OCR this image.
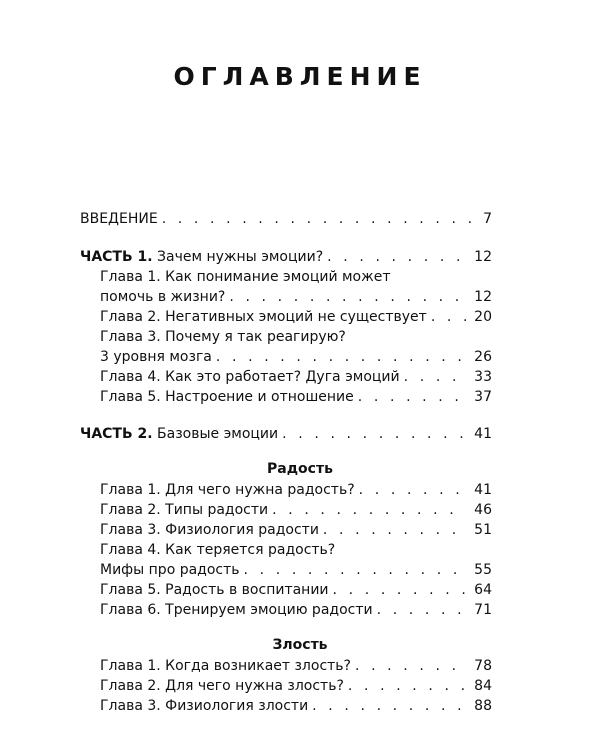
ОГЛАВЛЕНИЕ
ВВЕДЕНИЕ . . .	7
ЧАСТЬ 1. Зачем нужны эмоции? . . .	12
Глава 1. Как понимание эмоций может
помочь в жизни? . . .	12
Глава 2. Негативных эмоций не существует . . .	20
Глава 3. Почему я так реагирую?
3 уровня мозга . . .	26
Глава 4. Как это работает? Дуга эмоций . . .	33
Глава 5. Настроение и отношение . . .	37
ЧАСТЬ 2. Базовые эмоции . . .	41
Радость
Глава 1. Для чего нужна радость? . . .	41
Глава 2. Типы радости . . .	46
Глава 3. Физиология радости . . .	51
Глава 4. Как теряется радость?
Мифы про радость . . .	55
Глава 5. Радость в воспитании . . .	64
Глава 6. Тренируем эмоцию радости . . .	71
Злость
Глава 1. Когда возникает злость? . . .	78
Глава 2. Для чего нужна злость? . . .	84
Глава 3. Физиология злости . . .	88
